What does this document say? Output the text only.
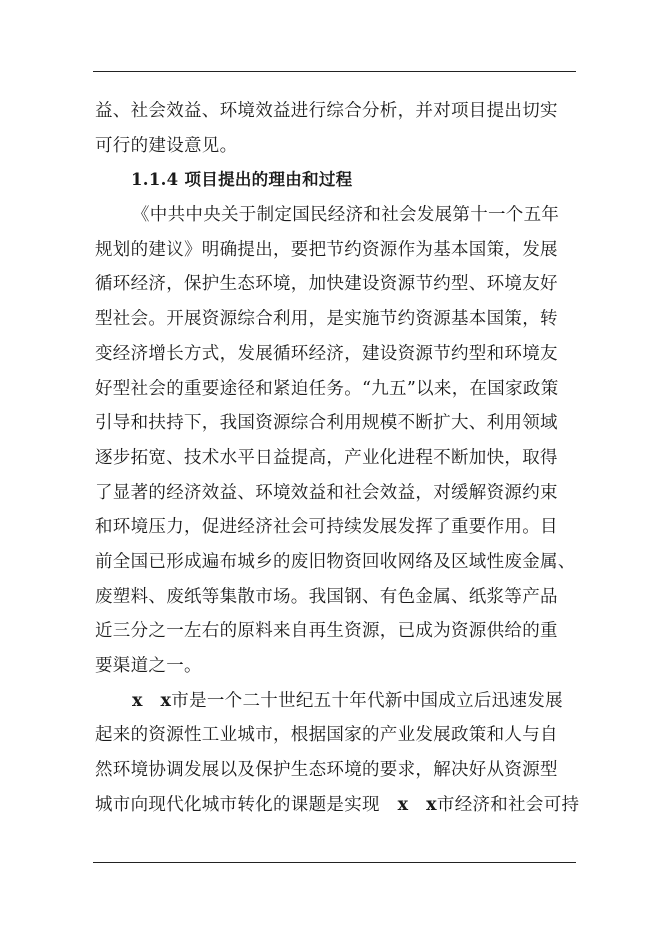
益、社会效益、环境效益进行综合分析，并对项目提出切实
可行的建设意见。
1.1.4 项目提出的理由和过程
《中共中央关于制定国民经济和社会发展第十一个五年
规划的建议》明确提出，要把节约资源作为基本国策，发展
循环经济，保护生态环境，加快建设资源节约型、环境友好
型社会。开展资源综合利用，是实施节约资源基本国策，转
变经济增长方式，发展循环经济，建设资源节约型和环境友
好型社会的重要途径和紧迫任务。“九五”以来，在国家政策
引导和扶持下，我国资源综合利用规模不断扩大、利用领域
逐步拓宽、技术水平日益提高，产业化进程不断加快，取得
了显著的经济效益、环境效益和社会效益，对缓解资源约束
和环境压力，促进经济社会可持续发展发挥了重要作用。目
前全国已形成遍布城乡的废旧物资回收网络及区域性废金属、
废塑料、废纸等集散市场。我国钢、有色金属、纸浆等产品
近三分之一左右的原料来自再生资源，已成为资源供给的重
要渠道之一。
x　x市是一个二十世纪五十年代新中国成立后迅速发展
起来的资源性工业城市，根据国家的产业发展政策和人与自
然环境协调发展以及保护生态环境的要求，解决好从资源型
城市向现代化城市转化的课题是实现　 x　x市经济和社会可持
